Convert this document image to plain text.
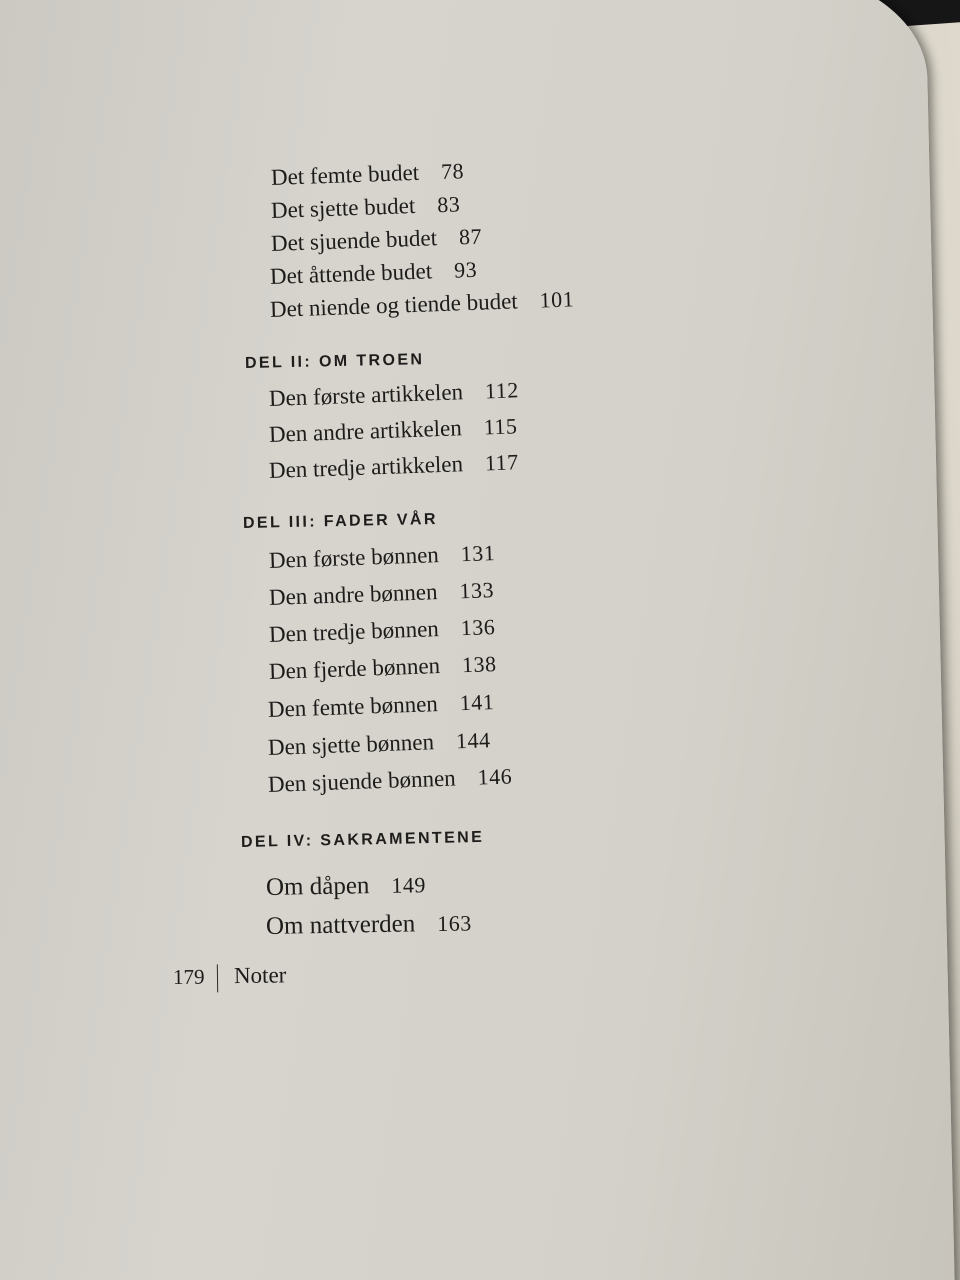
Det femte budet 78
Det sjette budet 83
Det sjuende budet 87
Det åttende budet 93
Det niende og tiende budet 101
DEL II: OM TROEN
Den første artikkelen 112
Den andre artikkelen 115
Den tredje artikkelen 117
DEL III: FADER VÅR
Den første bønnen 131
Den andre bønnen 133
Den tredje bønnen 136
Den fjerde bønnen 138
Den femte bønnen 141
Den sjette bønnen 144
Den sjuende bønnen 146
DEL IV: SAKRAMENTENE
Om dåpen 149
Om nattverden 163
179 Noter
